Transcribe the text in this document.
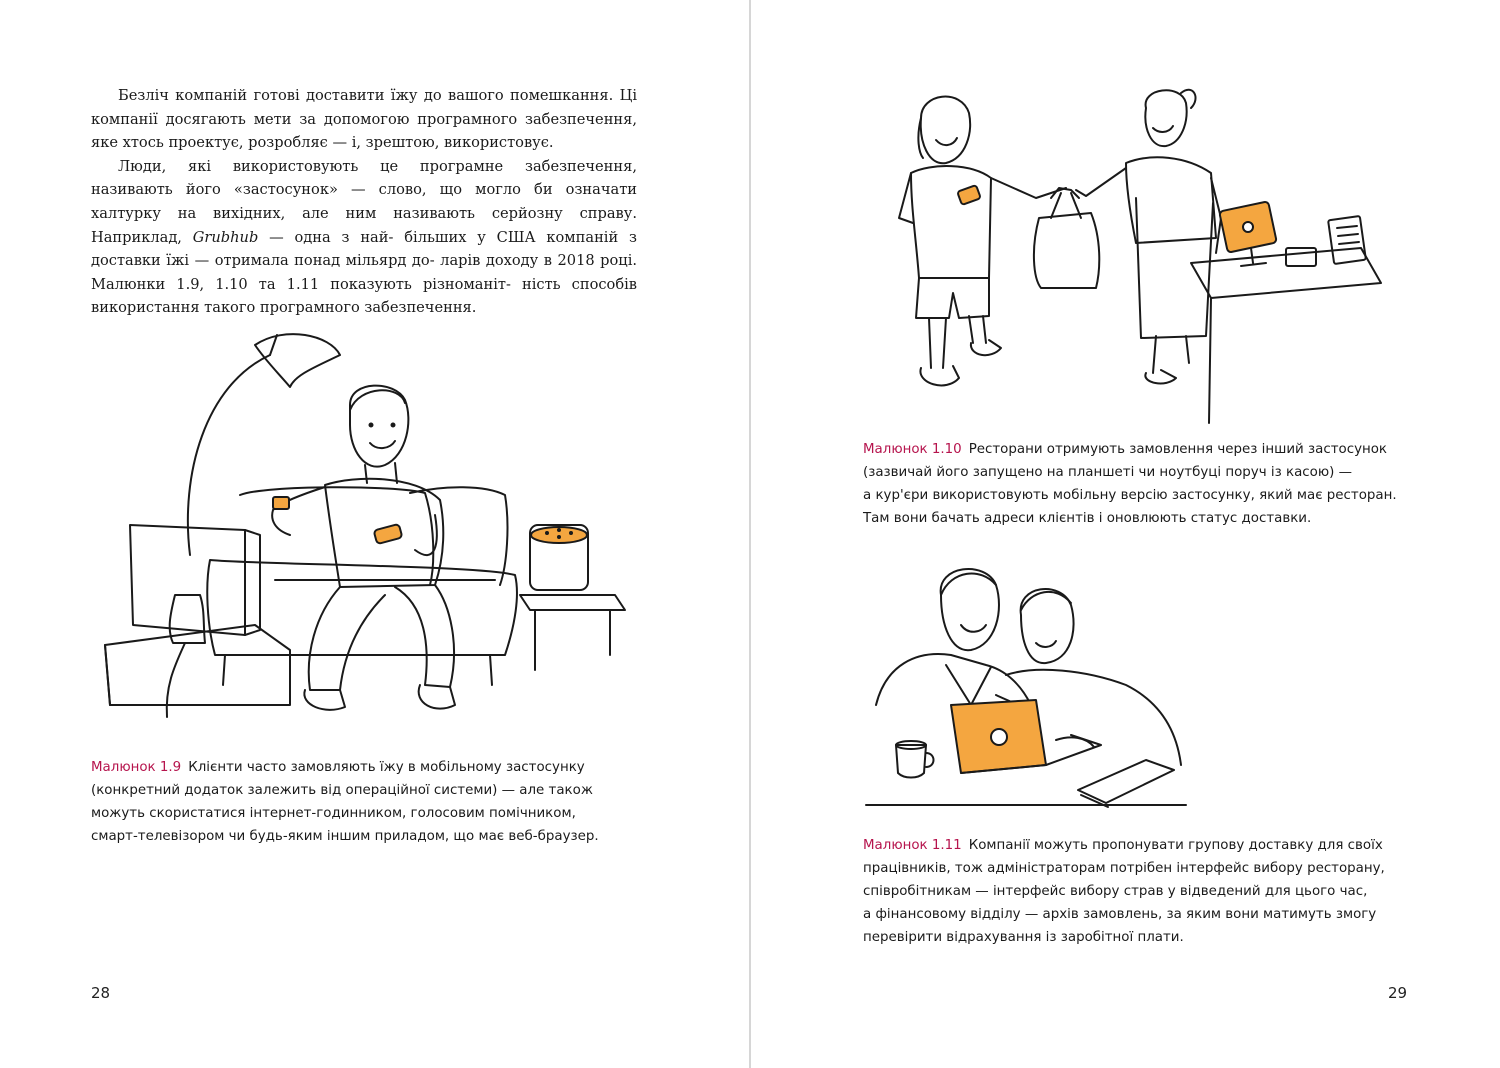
Безліч компаній готові доставити їжу до вашого помешкання. Ці компанії досягають мети за допомогою програмного забезпечення, яке хтось проектує, розробляє — і, зрештою, використовує.

Люди, які використовують це програмне забезпечення, називають його «застосунок» — слово, що могло би означати халтурку на вихідних, але ним називають серйозну справу. Наприклад, Grubhub — одна з най- більших у США компаній з доставки їжі — отримала понад мільярд до- ларів доходу в 2018 році. Малюнки 1.9, 1.10 та 1.11 показують різноманіт- ність способів використання такого програмного забезпечення.

Малюнок 1.9 Клієнти часто замовляють їжу в мобільному застосунку
(конкретний додаток залежить від операційної системи) — але також
можуть скористатися інтернет-годинником, голосовим помічником,
смарт-телевізором чи будь-яким іншим приладом, що має веб-браузер.
28
Малюнок 1.10 Ресторани отримують замовлення через інший застосунок
(зазвичай його запущено на планшеті чи ноутбуці поруч із касою) —
а кур'єри використовують мобільну версію застосунку, який має ресторан.
Там вони бачать адреси клієнтів і оновлюють статус доставки.
Малюнок 1.11 Компанії можуть пропонувати групову доставку для своїх
працівників, тож адміністраторам потрібен інтерфейс вибору ресторану,
співробітникам — інтерфейс вибору страв у відведений для цього час,
а фінансовому відділу — архів замовлень, за яким вони матимуть змогу
перевірити відрахування із заробітної плати.
29
